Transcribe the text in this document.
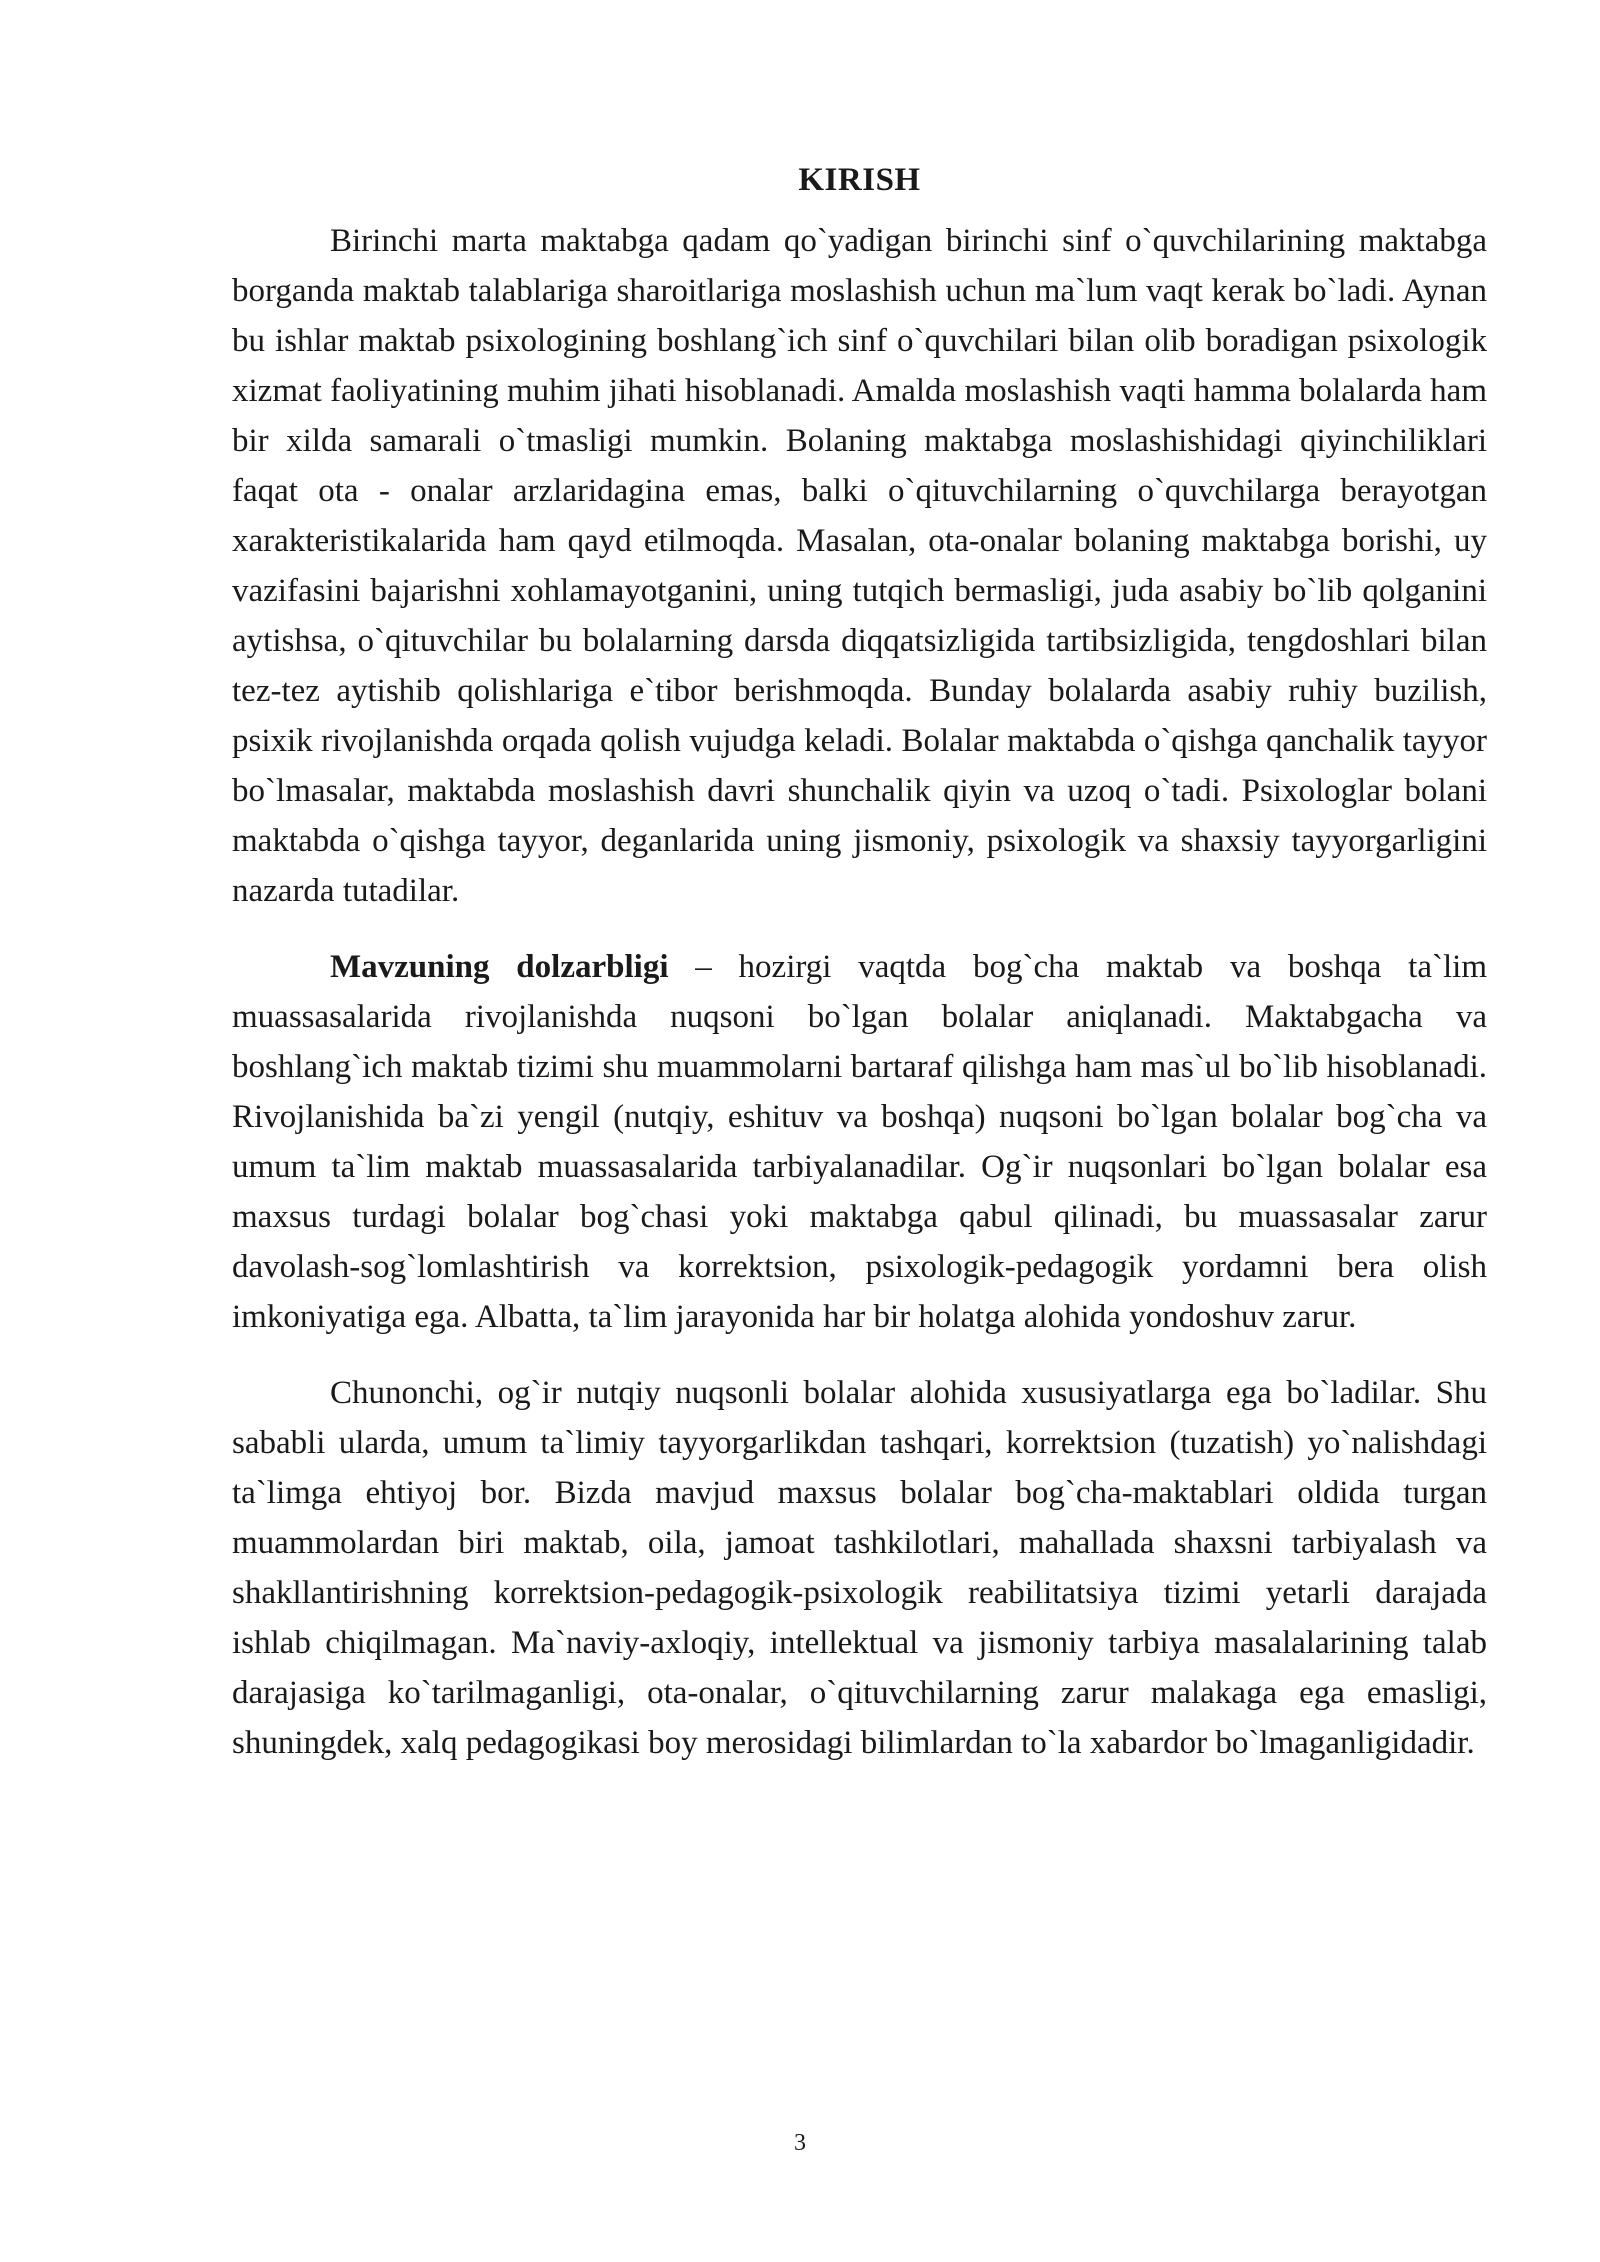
KIRISH

Birinchi marta maktabga qadam qo`yadigan birinchi sinf o`quvchilarining maktabga borganda maktab talablariga sharoitlariga moslashish uchun ma`lum vaqt kerak bo`ladi. Aynan bu ishlar maktab psixologining boshlang`ich sinf o`quvchilari bilan olib boradigan psixologik xizmat faoliyatining muhim jihati hisoblanadi. Amalda moslashish vaqti hamma bolalarda ham bir xilda samarali o`tmasligi mumkin. Bolaning maktabga moslashishidagi qiyinchiliklari faqat ota - onalar arzlaridagina emas, balki o`qituvchilarning o`quvchilarga berayotgan xarakteristikalarida ham qayd etilmoqda. Masalan, ota-onalar bolaning maktabga borishi, uy vazifasini bajarishni xohlamayotganini, uning tutqich bermasligi, juda asabiy bo`lib qolganini aytishsa, o`qituvchilar bu bolalarning darsda diqqatsizligida tartibsizligida, tengdoshlari bilan tez-tez aytishib qolishlariga e`tibor berishmoqda. Bunday bolalarda asabiy ruhiy buzilish, psixik rivojlanishda orqada qolish vujudga keladi. Bolalar maktabda o`qishga qanchalik tayyor bo`lmasalar, maktabda moslashish davri shunchalik qiyin va uzoq o`tadi. Psixologlar bolani maktabda o`qishga tayyor, deganlarida uning jismoniy, psixologik va shaxsiy tayyorgarligini nazarda tutadilar.

Mavzuning dolzarbligi – hozirgi vaqtda bog`cha maktab va boshqa ta`lim muassasalarida rivojlanishda nuqsoni bo`lgan bolalar aniqlanadi. Maktabgacha va boshlang`ich maktab tizimi shu muammolarni bartaraf qilishga ham mas`ul bo`lib hisoblanadi. Rivojlanishida ba`zi yengil (nutqiy, eshituv va boshqa) nuqsoni bo`lgan bolalar bog`cha va umum ta`lim maktab muassasalarida tarbiyalanadilar. Og`ir nuqsonlari bo`lgan bolalar esa maxsus turdagi bolalar bog`chasi yoki maktabga qabul qilinadi, bu muassasalar zarur davolash-sog`lomlashtirish va korrektsion, psixologik-pedagogik yordamni bera olish imkoniyatiga ega. Albatta, ta`lim jarayonida har bir holatga alohida yondoshuv zarur.

Chunonchi, og`ir nutqiy nuqsonli bolalar alohida xususiyatlarga ega bo`ladilar. Shu sababli ularda, umum ta`limiy tayyorgarlikdan tashqari, korrektsion (tuzatish) yo`nalishdagi ta`limga ehtiyoj bor. Bizda mavjud maxsus bolalar bog`cha-maktablari oldida turgan muammolardan biri maktab, oila, jamoat tashkilotlari, mahallada shaxsni tarbiyalash va shakllantirishning korrektsion-pedagogik-psixologik reabilitatsiya tizimi yetarli darajada ishlab chiqilmagan. Ma`naviy-axloqiy, intellektual va jismoniy tarbiya masalalarining talab darajasiga ko`tarilmaganligi, ota-onalar, o`qituvchilarning zarur malakaga ega emasligi, shuningdek, xalq pedagogikasi boy merosidagi bilimlardan to`la xabardor bo`lmaganligidadir.

3
